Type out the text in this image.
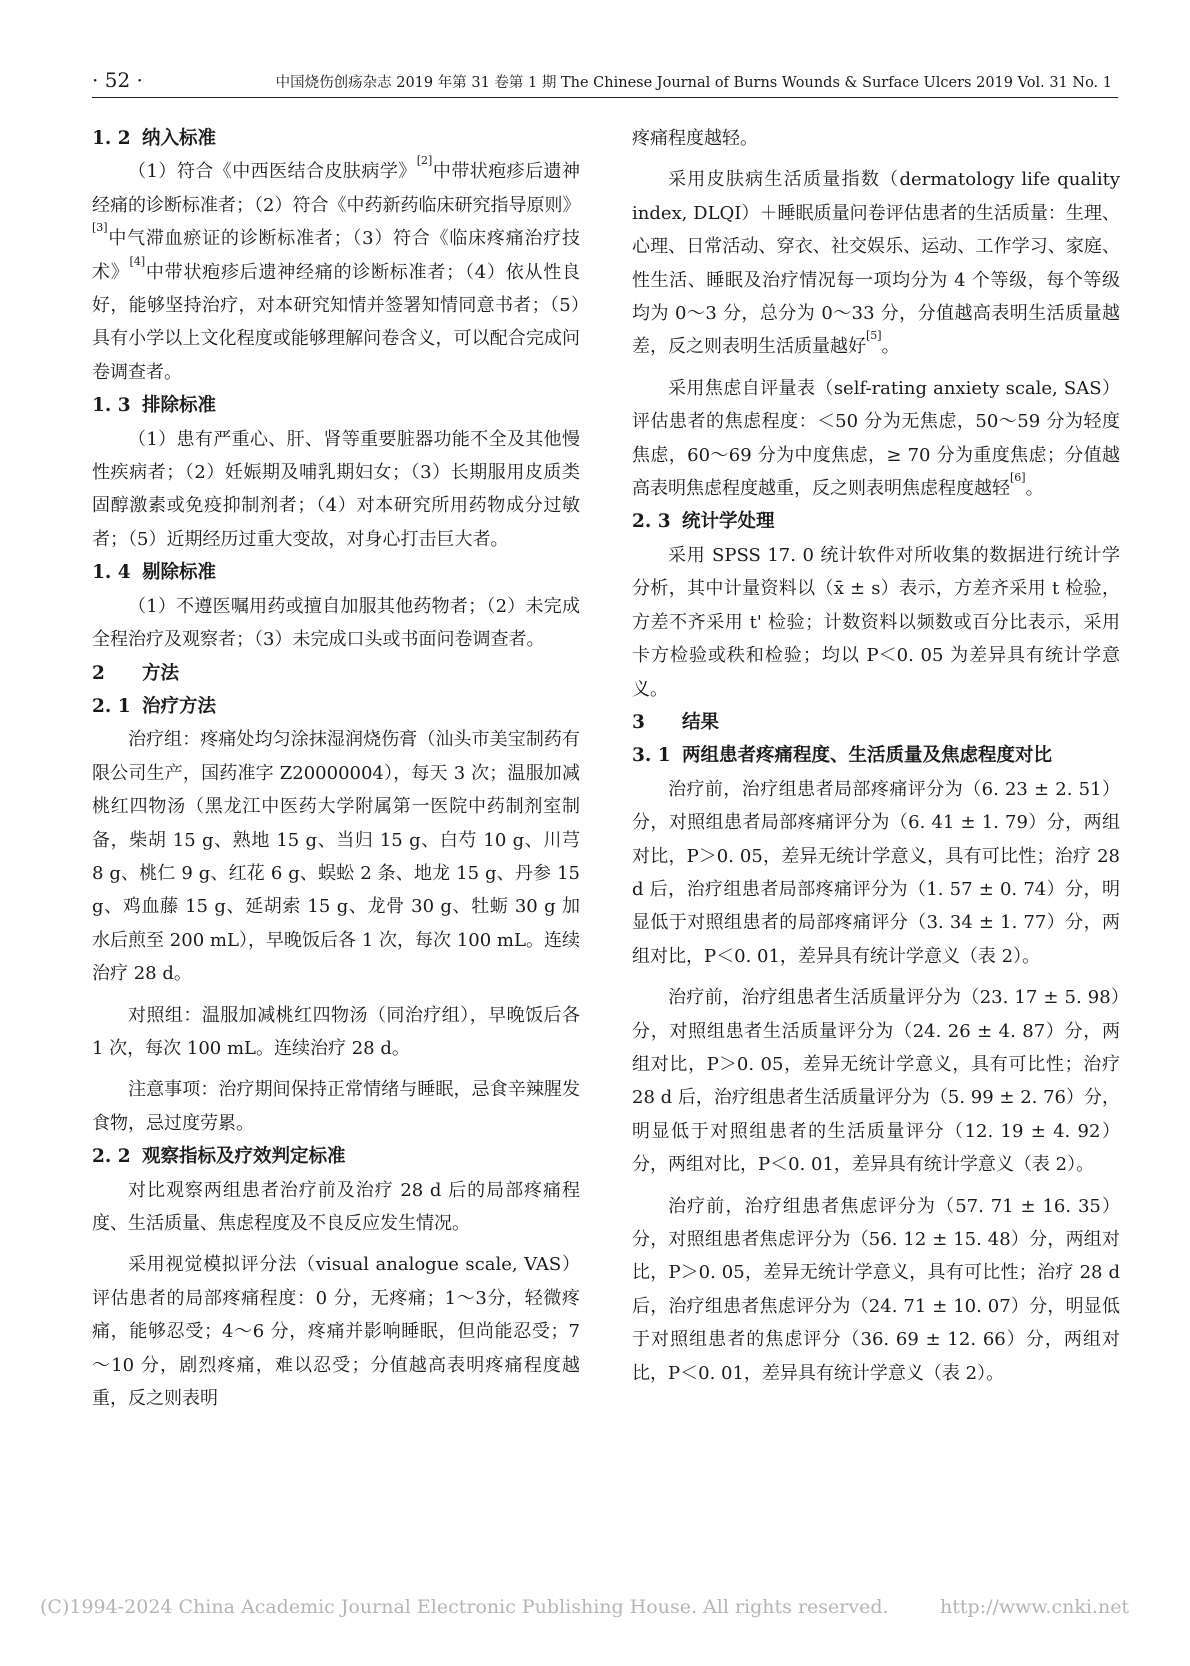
· 52 ·	中国烧伤创疡杂志 2019 年第 31 卷第 1 期 The Chinese Journal of Burns Wounds & Surface Ulcers 2019 Vol. 31 No. 1

1. 2 纳入标准

（1）符合《中西医结合皮肤病学》[2]中带状疱疹后遗神经痛的诊断标准者；（2）符合《中药新药临床研究指导原则》[3]中气滞血瘀证的诊断标准者；（3）符合《临床疼痛治疗技术》[4]中带状疱疹后遗神经痛的诊断标准者；（4）依从性良好，能够坚持治疗，对本研究知情并签署知情同意书者；（5）具有小学以上文化程度或能够理解问卷含义，可以配合完成问卷调查者。

1. 3 排除标准

（1）患有严重心、肝、肾等重要脏器功能不全及其他慢性疾病者；（2）妊娠期及哺乳期妇女；（3）长期服用皮质类固醇激素或免疫抑制剂者；（4）对本研究所用药物成分过敏者；（5）近期经历过重大变故，对身心打击巨大者。

1. 4 剔除标准

（1）不遵医嘱用药或擅自加服其他药物者；（2）未完成全程治疗及观察者；（3）未完成口头或书面问卷调查者。

2 方法

2. 1 治疗方法

治疗组：疼痛处均匀涂抹湿润烧伤膏（汕头市美宝制药有限公司生产，国药准字 Z20000004），每天 3 次；温服加减桃红四物汤（黑龙江中医药大学附属第一医院中药制剂室制备，柴胡 15 g、熟地 15 g、当归 15 g、白芍 10 g、川芎 8 g、桃仁 9 g、红花 6 g、蜈蚣 2 条、地龙 15 g、丹参 15 g、鸡血藤 15 g、延胡索 15 g、龙骨 30 g、牡蛎 30 g 加水后煎至 200 mL），早晚饭后各 1 次，每次 100 mL。连续治疗 28 d。

对照组：温服加减桃红四物汤（同治疗组），早晚饭后各 1 次，每次 100 mL。连续治疗 28 d。

注意事项：治疗期间保持正常情绪与睡眠，忌食辛辣腥发食物，忌过度劳累。

2. 2 观察指标及疗效判定标准

对比观察两组患者治疗前及治疗 28 d 后的局部疼痛程度、生活质量、焦虑程度及不良反应发生情况。

采用视觉模拟评分法（visual analogue scale, VAS）评估患者的局部疼痛程度：0 分，无疼痛；1～3分，轻微疼痛，能够忍受；4～6 分，疼痛并影响睡眠，但尚能忍受；7～10 分，剧烈疼痛，难以忍受；分值越高表明疼痛程度越重，反之则表明

疼痛程度越轻。

采用皮肤病生活质量指数（dermatology life quality index, DLQI）＋睡眠质量问卷评估患者的生活质量：生理、心理、日常活动、穿衣、社交娱乐、运动、工作学习、家庭、性生活、睡眠及治疗情况每一项均分为 4 个等级，每个等级均为 0～3 分，总分为 0～33 分，分值越高表明生活质量越差，反之则表明生活质量越好[5]。

采用焦虑自评量表（self-rating anxiety scale, SAS）评估患者的焦虑程度：＜50 分为无焦虑，50～59 分为轻度焦虑，60～69 分为中度焦虑，≥ 70 分为重度焦虑；分值越高表明焦虑程度越重，反之则表明焦虑程度越轻[6]。

2. 3 统计学处理

采用 SPSS 17. 0 统计软件对所收集的数据进行统计学分析，其中计量资料以（x̄ ± s）表示，方差齐采用 t 检验，方差不齐采用 t' 检验；计数资料以频数或百分比表示，采用卡方检验或秩和检验；均以 P＜0. 05 为差异具有统计学意义。

3 结果

3. 1 两组患者疼痛程度、生活质量及焦虑程度对比

治疗前，治疗组患者局部疼痛评分为（6. 23 ± 2. 51）分，对照组患者局部疼痛评分为（6. 41 ± 1. 79）分，两组对比，P＞0. 05，差异无统计学意义，具有可比性；治疗 28 d 后，治疗组患者局部疼痛评分为（1. 57 ± 0. 74）分，明显低于对照组患者的局部疼痛评分（3. 34 ± 1. 77）分，两组对比，P＜0. 01，差异具有统计学意义（表 2）。

治疗前，治疗组患者生活质量评分为（23. 17 ± 5. 98）分，对照组患者生活质量评分为（24. 26 ± 4. 87）分，两组对比，P＞0. 05，差异无统计学意义，具有可比性；治疗 28 d 后，治疗组患者生活质量评分为（5. 99 ± 2. 76）分，明显低于对照组患者的生活质量评分（12. 19 ± 4. 92）分，两组对比，P＜0. 01，差异具有统计学意义（表 2）。

治疗前，治疗组患者焦虑评分为（57. 71 ± 16. 35）分，对照组患者焦虑评分为（56. 12 ± 15. 48）分，两组对比，P＞0. 05，差异无统计学意义，具有可比性；治疗 28 d 后，治疗组患者焦虑评分为（24. 71 ± 10. 07）分，明显低于对照组患者的焦虑评分（36. 69 ± 12. 66）分，两组对比，P＜0. 01，差异具有统计学意义（表 2）。

(C)1994-2024 China Academic Journal Electronic Publishing House. All rights reserved.	http://www.cnki.net
